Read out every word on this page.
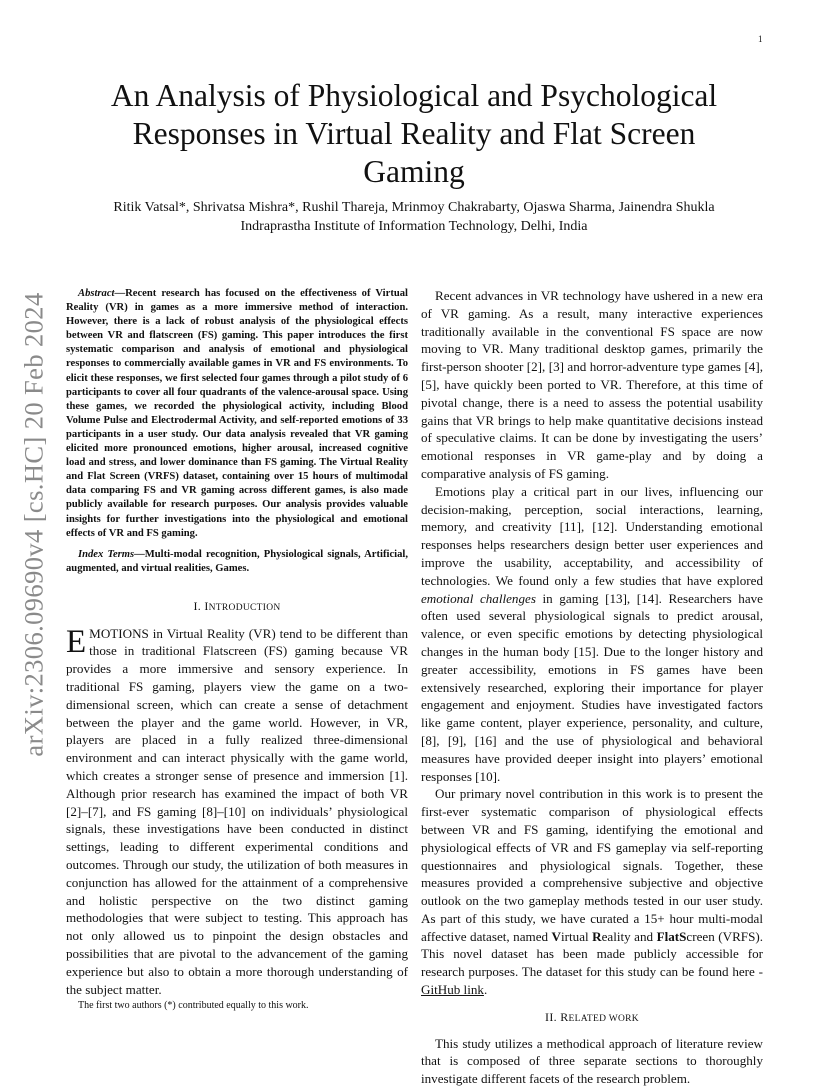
1
arXiv:2306.09690v4 [cs.HC] 20 Feb 2024
An Analysis of Physiological and Psychological Responses in Virtual Reality and Flat Screen Gaming
Ritik Vatsal*, Shrivatsa Mishra*, Rushil Thareja, Mrinmoy Chakrabarty, Ojaswa Sharma, Jainendra Shukla
Indraprastha Institute of Information Technology, Delhi, India

Abstract—Recent research has focused on the effectiveness of Virtual Reality (VR) in games as a more immersive method of interaction. However, there is a lack of robust analysis of the physiological effects between VR and flatscreen (FS) gaming. This paper introduces the first systematic comparison and analysis of emotional and physiological responses to commercially available games in VR and FS environments. To elicit these responses, we first selected four games through a pilot study of 6 participants to cover all four quadrants of the valence-arousal space. Using these games, we recorded the physiological activity, including Blood Volume Pulse and Electrodermal Activity, and self-reported emotions of 33 participants in a user study. Our data analysis revealed that VR gaming elicited more pronounced emotions, higher arousal, increased cognitive load and stress, and lower dominance than FS gaming. The Virtual Reality and Flat Screen (VRFS) dataset, containing over 15 hours of multimodal data comparing FS and VR gaming across different games, is also made publicly available for research purposes. Our analysis provides valuable insights for further investigations into the physiological and emotional effects of VR and FS gaming.

Index Terms—Multi-modal recognition, Physiological signals, Artificial, augmented, and virtual realities, Games.

I. INTRODUCTION

EMOTIONS in Virtual Reality (VR) tend to be different than those in traditional Flatscreen (FS) gaming because VR provides a more immersive and sensory experience. In traditional FS gaming, players view the game on a two-dimensional screen, which can create a sense of detachment between the player and the game world. However, in VR, players are placed in a fully realized three-dimensional environment and can interact physically with the game world, which creates a stronger sense of presence and immersion [1]. Although prior research has examined the impact of both VR [2]–[7], and FS gaming [8]–[10] on individuals’ physiological signals, these investigations have been conducted in distinct settings, leading to different experimental conditions and outcomes. Through our study, the utilization of both measures in conjunction has allowed for the attainment of a comprehensive and holistic perspective on the two distinct gaming methodologies that were subject to testing. This approach has not only allowed us to pinpoint the design obstacles and possibilities that are pivotal to the advancement of the gaming experience but also to obtain a more thorough understanding of the subject matter.

The first two authors (*) contributed equally to this work.

Recent advances in VR technology have ushered in a new era of VR gaming. As a result, many interactive experiences traditionally available in the conventional FS space are now moving to VR. Many traditional desktop games, primarily the first-person shooter [2], [3] and horror-adventure type games [4], [5], have quickly been ported to VR. Therefore, at this time of pivotal change, there is a need to assess the potential usability gains that VR brings to help make quantitative decisions instead of speculative claims. It can be done by investigating the users’ emotional responses in VR game-play and by doing a comparative analysis of FS gaming.

Emotions play a critical part in our lives, influencing our decision-making, perception, social interactions, learning, memory, and creativity [11], [12]. Understanding emotional responses helps researchers design better user experiences and improve the usability, acceptability, and accessibility of technologies. We found only a few studies that have explored emotional challenges in gaming [13], [14]. Researchers have often used several physiological signals to predict arousal, valence, or even specific emotions by detecting physiological changes in the human body [15]. Due to the longer history and greater accessibility, emotions in FS games have been extensively researched, exploring their importance for player engagement and enjoyment. Studies have investigated factors like game content, player experience, personality, and culture, [8], [9], [16] and the use of physiological and behavioral measures have provided deeper insight into players’ emotional responses [10].

Our primary novel contribution in this work is to present the first-ever systematic comparison of physiological effects between VR and FS gaming, identifying the emotional and physiological effects of VR and FS gameplay via self-reporting questionnaires and physiological signals. Together, these measures provided a comprehensive subjective and objective outlook on the two gameplay methods tested in our user study. As part of this study, we have curated a 15+ hour multi-modal affective dataset, named Virtual Reality and FlatScreen (VRFS). This novel dataset has been made publicly accessible for research purposes. The dataset for this study can be found here - GitHub link.

II. RELATED WORK

This study utilizes a methodical approach of literature review that is composed of three separate sections to thoroughly investigate different facets of the research problem.
